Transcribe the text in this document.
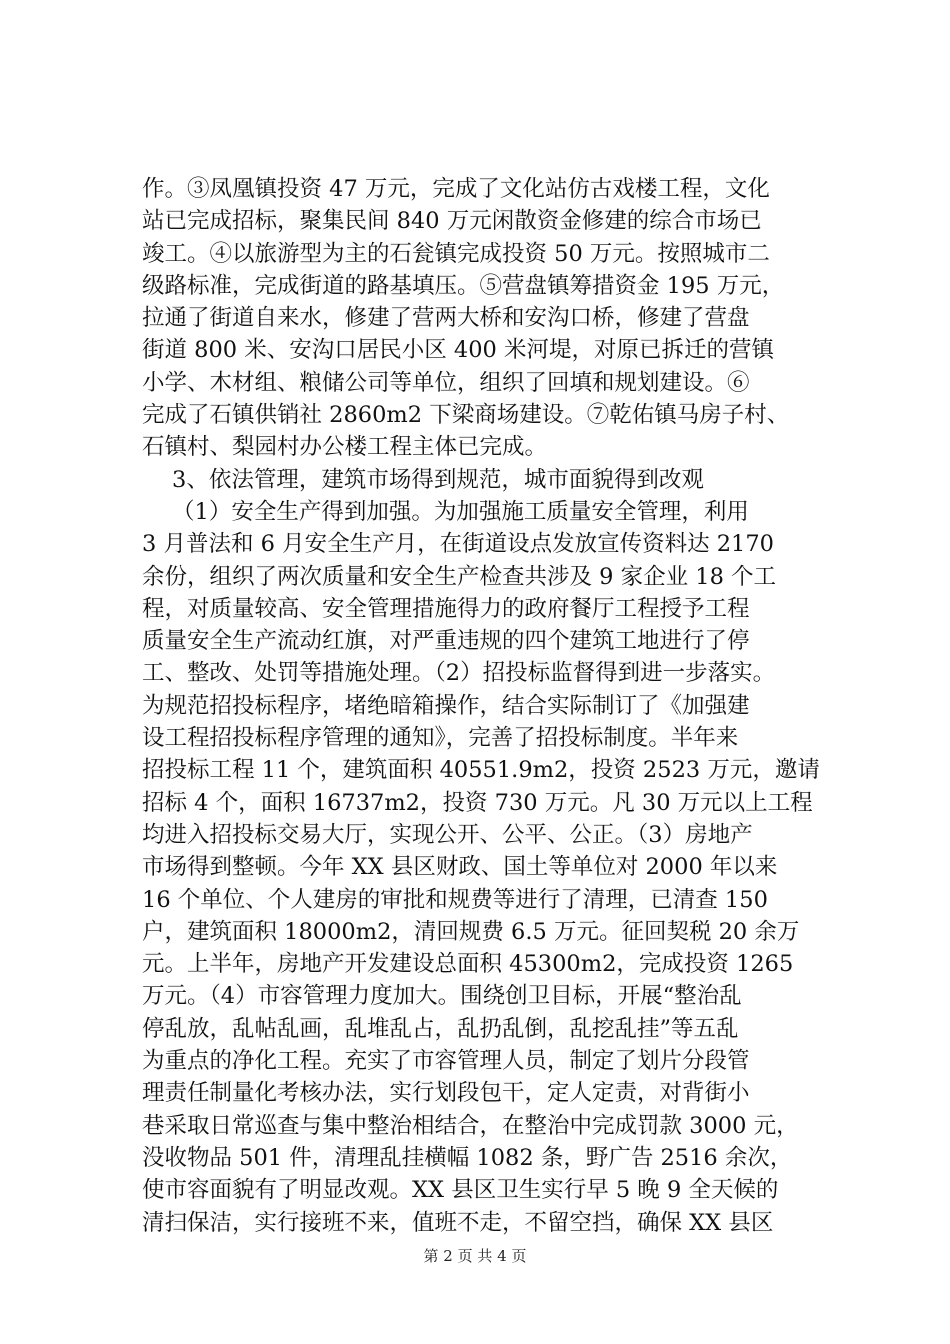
作。③凤凰镇投资 47 万元，完成了文化站仿古戏楼工程，文化
站已完成招标，聚集民间 840 万元闲散资金修建的综合市场已
竣工。④以旅游型为主的石瓮镇完成投资 50 万元。按照城市二
级路标准，完成街道的路基填压。⑤营盘镇筹措资金 195 万元，
拉通了街道自来水，修建了营两大桥和安沟口桥，修建了营盘
街道 800 米、安沟口居民小区 400 米河堤，对原已拆迁的营镇
小学、木材组、粮储公司等单位，组织了回填和规划建设。⑥
完成了石镇供销社 2860m2 下梁商场建设。⑦乾佑镇马房子村、
石镇村、梨园村办公楼工程主体已完成。
3、依法管理，建筑市场得到规范，城市面貌得到改观
（1）安全生产得到加强。为加强施工质量安全管理，利用
3 月普法和 6 月安全生产月，在街道设点发放宣传资料达 2170
余份，组织了两次质量和安全生产检查共涉及 9 家企业 18 个工
程，对质量较高、安全管理措施得力的政府餐厅工程授予工程
质量安全生产流动红旗，对严重违规的四个建筑工地进行了停
工、整改、处罚等措施处理。（2）招投标监督得到进一步落实。
为规范招投标程序，堵绝暗箱操作，结合实际制订了《加强建
设工程招投标程序管理的通知》，完善了招投标制度。半年来
招投标工程 11 个，建筑面积 40551.9m2，投资 2523 万元，邀请
招标 4 个，面积 16737m2，投资 730 万元。凡 30 万元以上工程
均进入招投标交易大厅，实现公开、公平、公正。（3）房地产
市场得到整顿。今年 XX 县区财政、国土等单位对 2000 年以来
16 个单位、个人建房的审批和规费等进行了清理，已清查 150
户，建筑面积 18000m2，清回规费 6.5 万元。征回契税 20 余万
元。上半年，房地产开发建设总面积 45300m2，完成投资 1265
万元。（4）市容管理力度加大。围绕创卫目标，开展“整治乱
停乱放，乱帖乱画，乱堆乱占，乱扔乱倒，乱挖乱挂”等五乱
为重点的净化工程。充实了市容管理人员，制定了划片分段管
理责任制量化考核办法，实行划段包干，定人定责，对背街小
巷采取日常巡查与集中整治相结合，在整治中完成罚款 3000 元，
没收物品 501 件，清理乱挂横幅 1082 条，野广告 2516 余次，
使市容面貌有了明显改观。XX 县区卫生实行早 5 晚 9 全天候的
清扫保洁，实行接班不来，值班不走，不留空挡，确保 XX 县区
第 2 页 共 4 页
